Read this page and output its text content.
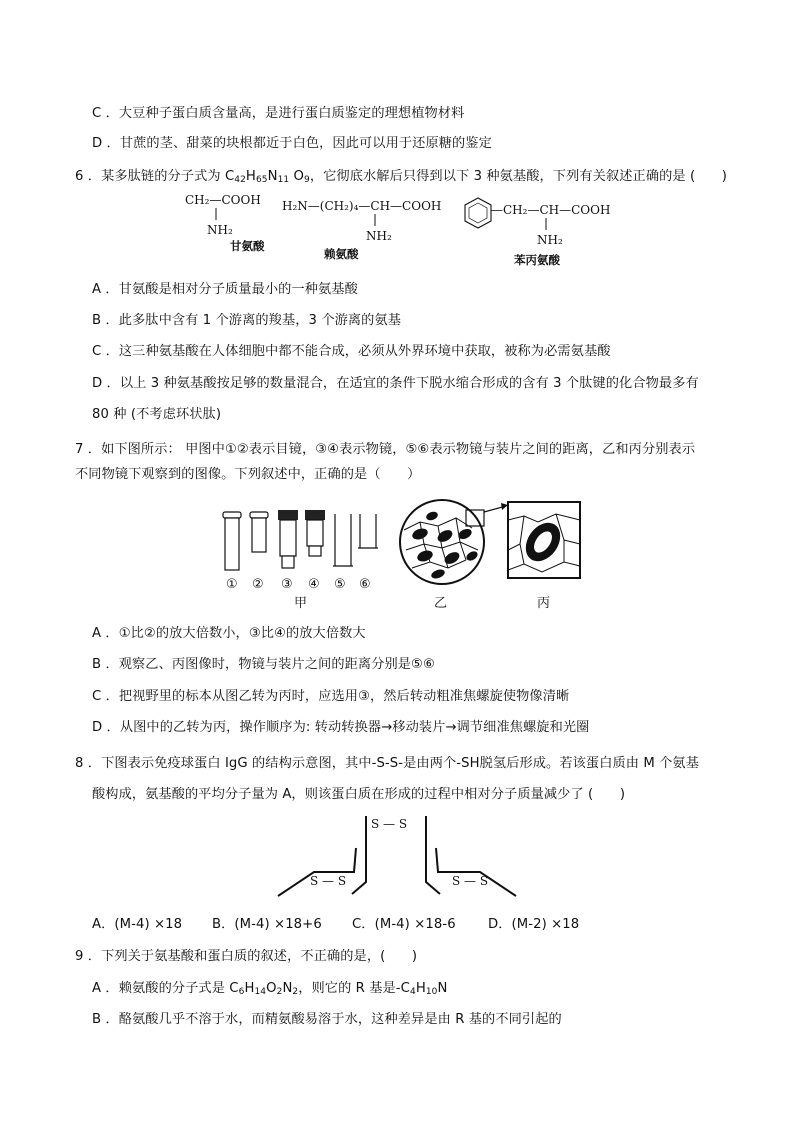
C ．大豆种子蛋白质含量高，是进行蛋白质鉴定的理想植物材料
D ．甘蔗的茎、甜菜的块根都近于白色，因此可以用于还原糖的鉴定
6 ．某多肽链的分子式为 $C_{42}H_{65}N_{11}$ $O_9$，它彻底水解后只得到以下 3 种氨基酸，下列有关叙述正确的是 (　　)
CH₂—COOH
NH₂
甘氨酸
H₂N—(CH₂)₄—CH—COOH
NH₂
赖氨酸
—CH₂—CH—COOH
NH₂
苯丙氨酸
A ．甘氨酸是相对分子质量最小的一种氨基酸
B ．此多肽中含有 1 个游离的羧基，3 个游离的氨基
C ．这三种氨基酸在人体细胞中都不能合成，必须从外界环境中获取，被称为必需氨基酸
D ．以上 3 种氨基酸按足够的数量混合，在适宜的条件下脱水缩合形成的含有 3 个肽键的化合物最多有
80 种 (不考虑环状肽)
7 ．如下图所示： 甲图中①②表示目镜，③④表示物镜，⑤⑥表示物镜与装片之间的距离，乙和丙分别表示
不同物镜下观察到的图像。下列叙述中，正确的是（　　）
① ② ③ ④ ⑤ ⑥
甲	乙	丙
A ．①比②的放大倍数小，③比④的放大倍数大
B ．观察乙、丙图像时，物镜与装片之间的距离分别是⑤⑥
C ．把视野里的标本从图乙转为丙时，应选用③，然后转动粗准焦螺旋使物像清晰
D ．从图中的乙转为丙，操作顺序为: 转动转换器→移动装片→调节细准焦螺旋和光圈
8 ．下图表示免疫球蛋白 IgG 的结构示意图，其中-S-S-是由两个-SH脱氢后形成。若该蛋白质由 M 个氨基
酸构成，氨基酸的平均分子量为 A，则该蛋白质在形成的过程中相对分子质量减少了 (　　)
S — S
S — S	S — S
A．(M-4) ×18 B．(M-4) ×18+6 C．(M-4) ×18-6 D．(M-2) ×18
9 ．下列关于氨基酸和蛋白质的叙述，不正确的是，(　　)
A ．赖氨酸的分子式是 $C_6H_{14}O_2N_2$，则它的 R 基是$-C_4H_{10}N$
B ．酪氨酸几乎不溶于水，而精氨酸易溶于水，这种差异是由 R 基的不同引起的
